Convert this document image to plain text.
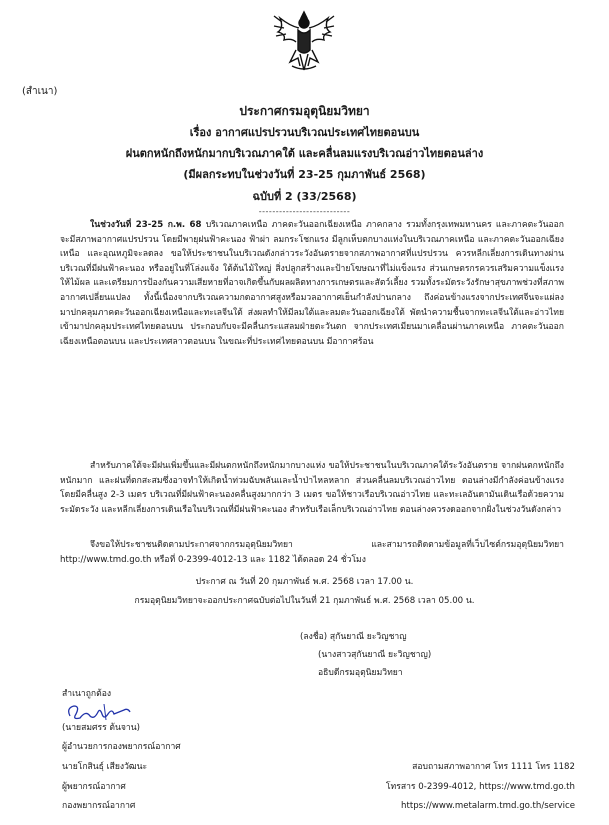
(สำเนา)
ประกาศกรมอุตุนิยมวิทยา
เรื่อง อากาศแปรปรวนบริเวณประเทศไทยตอนบน
ฝนตกหนักถึงหนักมากบริเวณภาคใต้ และคลื่นลมแรงบริเวณอ่าวไทยตอนล่าง
(มีผลกระทบในช่วงวันที่ 23-25 กุมภาพันธ์ 2568)
ฉบับที่ 2 (33/2568)
---------------------------

ในช่วงวันที่ 23-25 ก.พ. 68 บริเวณภาคเหนือ ภาคตะวันออกเฉียงเหนือ ภาคกลาง รวมทั้งกรุงเทพมหานคร และภาคตะวันออก จะมีสภาพอากาศแปรปรวน โดยมีพายุฝนฟ้าคะนอง ฟ้าผ่า ลมกระโชกแรง มีลูกเห็บตกบางแห่งในบริเวณภาคเหนือ และภาคตะวันออกเฉียงเหนือ และอุณหภูมิจะลดลง ขอให้ประชาชนในบริเวณดังกล่าวระวังอันตรายจากสภาพอากาศที่แปรปรวน ควรหลีกเลี่ยงการเดินทางผ่านบริเวณที่มีฝนฟ้าคะนอง หรืออยู่ในที่โล่งแจ้ง ใต้ต้นไม้ใหญ่ สิ่งปลูกสร้างและป้ายโฆษณาที่ไม่แข็งแรง ส่วนเกษตรกรควรเสริมความแข็งแรงให้ไม้ผล และเตรียมการป้องกันความเสียหายที่อาจเกิดขึ้นกับผลผลิตทางการเกษตรและสัตว์เลี้ยง รวมทั้งระมัดระวังรักษาสุขภาพช่วงที่สภาพอากาศเปลี่ยนแปลง ทั้งนี้เนื่องจากบริเวณความกดอากาศสูงหรือมวลอากาศเย็นกำลังปานกลาง ถึงค่อนข้างแรงจากประเทศจีนจะแผ่ลงมาปกคลุมภาคตะวันออกเฉียงเหนือและทะเลจีนใต้ ส่งผลทำให้มีลมใต้และลมตะวันออกเฉียงใต้ พัดนำความชื้นจากทะเลจีนใต้และอ่าวไทย เข้ามาปกคลุมประเทศไทยตอนบน ประกอบกับจะมีคลื่นกระแสลมฝ่ายตะวันตก จากประเทศเมียนมาเคลื่อนผ่านภาคเหนือ ภาคตะวันออกเฉียงเหนือตอนบน และประเทศลาวตอนบน ในขณะที่ประเทศไทยตอนบน มีอากาศร้อน

สำหรับภาคใต้จะมีฝนเพิ่มขึ้นและมีฝนตกหนักถึงหนักมากบางแห่ง ขอให้ประชาชนในบริเวณภาคใต้ระวังอันตราย จากฝนตกหนักถึงหนักมาก และฝนที่ตกสะสมซึ่งอาจทำให้เกิดน้ำท่วมฉับพลันและน้ำป่าไหลหลาก ส่วนคลื่นลมบริเวณอ่าวไทย ตอนล่างมีกำลังค่อนข้างแรง โดยมีคลื่นสูง 2-3 เมตร บริเวณที่มีฝนฟ้าคะนองคลื่นสูงมากกว่า 3 เมตร ขอให้ชาวเรือบริเวณอ่าวไทย และทะเลอันดามันเดินเรือด้วยความระมัดระวัง และหลีกเลี่ยงการเดินเรือในบริเวณที่มีฝนฟ้าคะนอง สำหรับเรือเล็กบริเวณอ่าวไทย ตอนล่างควรงดออกจากฝั่งในช่วงวันดังกล่าว

จึงขอให้ประชาชนติดตามประกาศจากกรมอุตุนิยมวิทยา และสามารถติดตามข้อมูลที่เว็บไซต์กรมอุตุนิยมวิทยา http://www.tmd.go.th หรือที่ 0-2399-4012-13 และ 1182 ได้ตลอด 24 ชั่วโมง

ประกาศ ณ วันที่ 20 กุมภาพันธ์ พ.ศ. 2568 เวลา 17.00 น.
กรมอุตุนิยมวิทยาจะออกประกาศฉบับต่อไปในวันที่ 21 กุมภาพันธ์ พ.ศ. 2568 เวลา 05.00 น.
(ลงชื่อ) สุกันยาณี ยะวิญชาญ
(นางสาวสุกันยาณี ยะวิญชาญ)
อธิบดีกรมอุตุนิยมวิทยา
สำเนาถูกต้อง
(นายสมศรร ต้นจาน)
ผู้อำนวยการกองพยากรณ์อากาศ
นายโกสินธุ์ เสียงวัฒนะ
ผู้พยากรณ์อากาศ
กองพยากรณ์อากาศ
สอบถามสภาพอากาศ โทร 1111 โทร 1182
โทรสาร 0-2399-4012, https://www.tmd.go.th
https://www.metalarm.tmd.go.th/service
